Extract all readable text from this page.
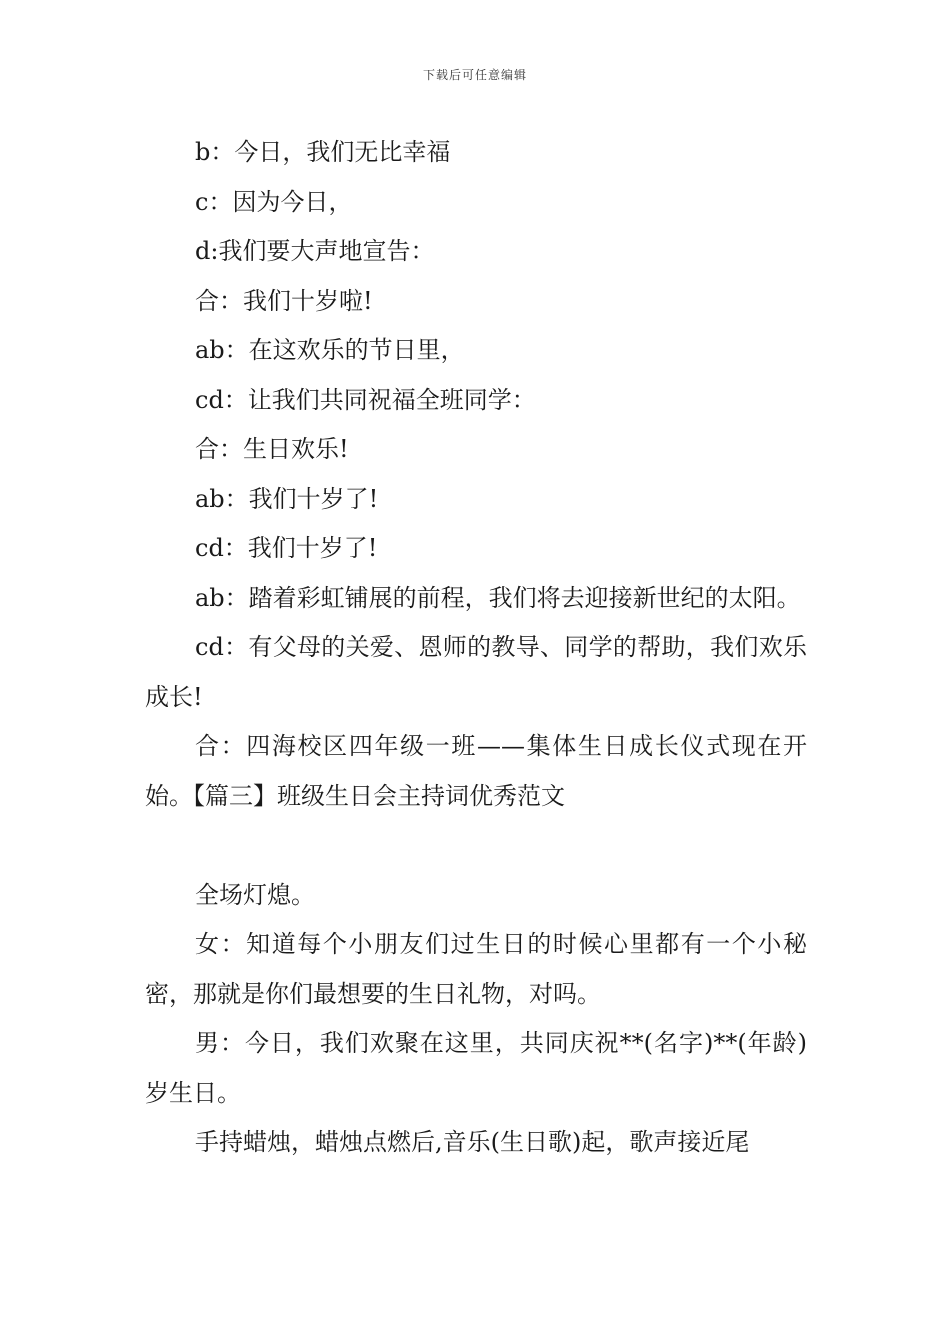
下载后可任意编辑

b：今日，我们无比幸福

c：因为今日，

d:我们要大声地宣告：

合：我们十岁啦!

ab：在这欢乐的节日里，

cd：让我们共同祝福全班同学：

合：生日欢乐!

ab：我们十岁了!

cd：我们十岁了!

ab：踏着彩虹铺展的前程，我们将去迎接新世纪的太阳。

cd：有父母的关爱、恩师的教导、同学的帮助，我们欢乐成长!

合：四海校区四年级一班——集体生日成长仪式现在开始。【篇三】班级生日会主持词优秀范文

全场灯熄。

女：知道每个小朋友们过生日的时候心里都有一个小秘密，那就是你们最想要的生日礼物，对吗。

男：今日，我们欢聚在这里，共同庆祝**(名字)**(年龄)岁生日。

手持蜡烛，蜡烛点燃后,音乐(生日歌)起，歌声接近尾
